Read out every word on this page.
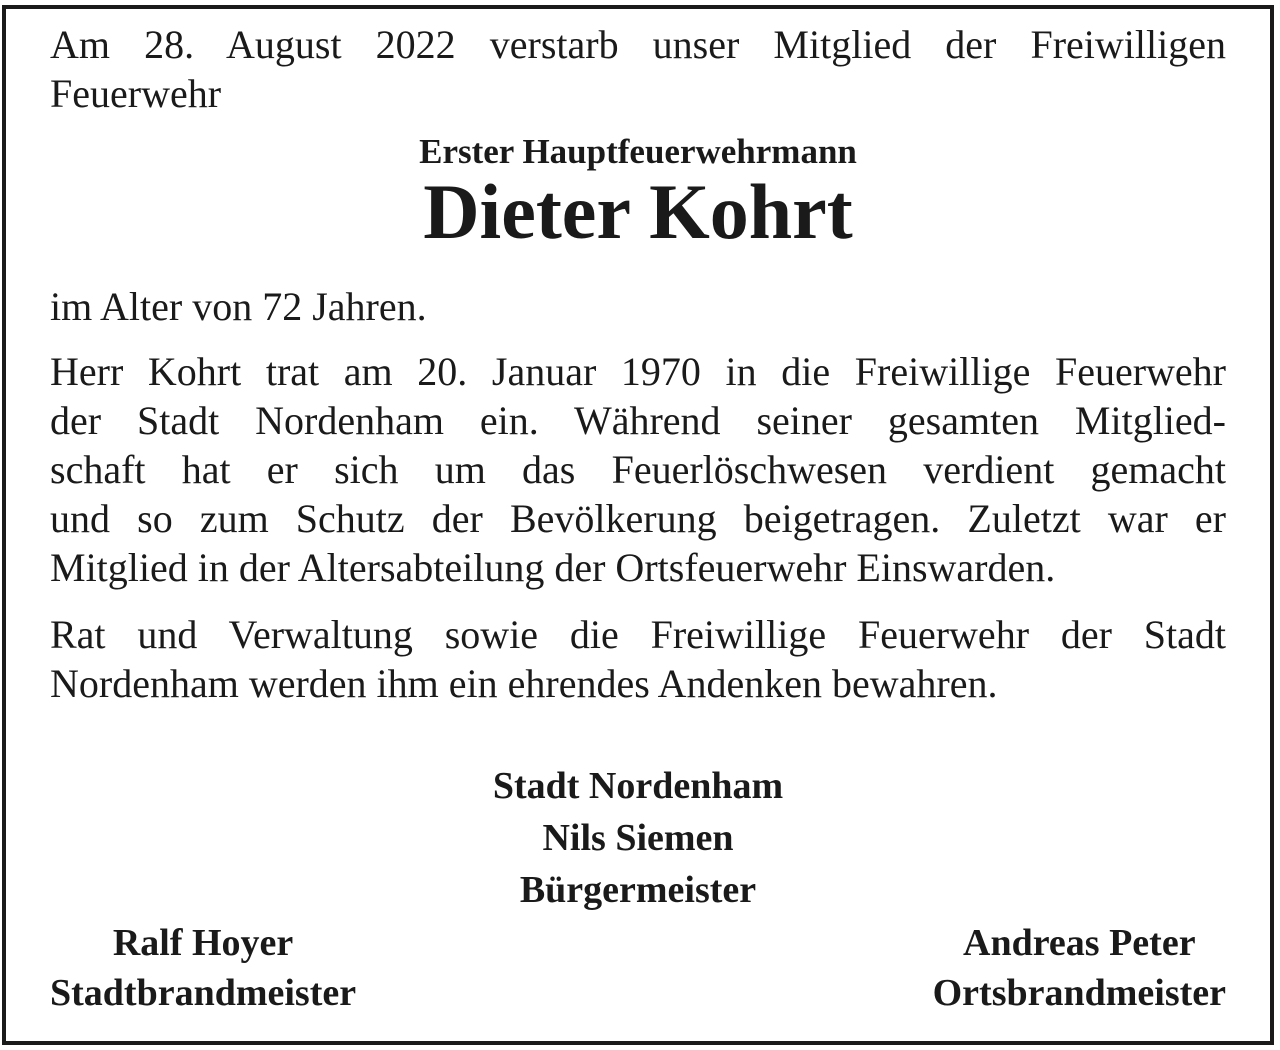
Am 28. August 2022 verstarb unser Mitglied der Freiwilligen
Feuerwehr

Erster Hauptfeuerwehrmann
Dieter Kohrt

im Alter von 72 Jahren.

Herr Kohrt trat am 20. Januar 1970 in die Freiwillige Feuerwehr

der Stadt Nordenham ein. Während seiner gesamten Mitglied-

schaft hat er sich um das Feuerlöschwesen verdient gemacht

und so zum Schutz der Bevölkerung beigetragen. Zuletzt war er

Mitglied in der Altersabteilung der Ortsfeuerwehr Einswarden.

Rat und Verwaltung sowie die Freiwillige Feuerwehr der Stadt

Nordenham werden ihm ein ehrendes Andenken bewahren.

Stadt Nordenham
Nils Siemen
Bürgermeister
Ralf Hoyer
Stadtbrandmeister
Andreas Peter
Ortsbrandmeister
